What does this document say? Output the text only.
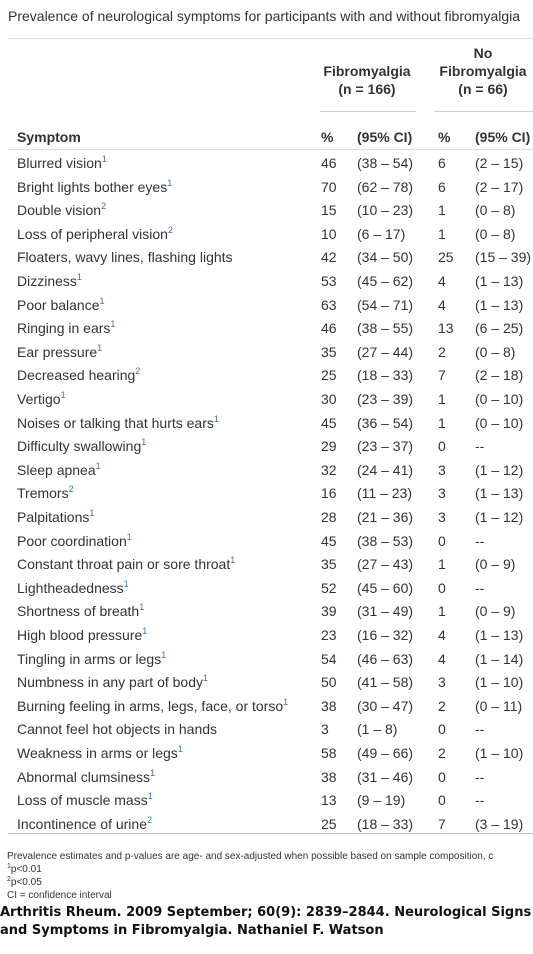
Prevalence of neurological symptoms for participants with and without fibromyalgia
Fibromyalgia
(n = 166)
No
Fibromyalgia
(n = 66)
Symptom	% (95% CI) % (95% CI)
Blurred vision$^1$	46 (38 – 54) 6 (2 – 15)
Bright lights bother eyes$^1$	70 (62 – 78) 6 (2 – 17)
Double vision$^2$	15 (10 – 23) 1 (0 – 8)
Loss of peripheral vision$^2$	10 (6 – 17) 1 (0 – 8)
Floaters, wavy lines, flashing lights	42 (34 – 50) 25 (15 – 39)
Dizziness$^1$	53 (45 – 62) 4 (1 – 13)
Poor balance$^1$	63 (54 – 71) 4 (1 – 13)
Ringing in ears$^1$	46 (38 – 55) 13 (6 – 25)
Ear pressure$^1$	35 (27 – 44) 2 (0 – 8)
Decreased hearing$^2$	25 (18 – 33) 7 (2 – 18)
Vertigo$^1$	30 (23 – 39) 1 (0 – 10)
Noises or talking that hurts ears$^1$	45 (36 – 54) 1 (0 – 10)
Difficulty swallowing$^1$	29 (23 – 37) 0 --
Sleep apnea$^1$	32 (24 – 41) 3 (1 – 12)
Tremors$^2$	16 (11 – 23) 3 (1 – 13)
Palpitations$^1$	28 (21 – 36) 3 (1 – 12)
Poor coordination$^1$	45 (38 – 53) 0 --
Constant throat pain or sore throat$^1$	35 (27 – 43) 1 (0 – 9)
Lightheadedness$^1$	52 (45 – 60) 0 --
Shortness of breath$^1$	39 (31 – 49) 1 (0 – 9)
High blood pressure$^1$	23 (16 – 32) 4 (1 – 13)
Tingling in arms or legs$^1$	54 (46 – 63) 4 (1 – 14)
Numbness in any part of body$^1$	50 (41 – 58) 3 (1 – 10)
Burning feeling in arms, legs, face, or torso$^1$ 38 (30 – 47) 2 (0 – 11)
Cannot feel hot objects in hands	3 (1 – 8)	0 --
Weakness in arms or legs$^1$	58 (49 – 66) 2 (1 – 10)
Abnormal clumsiness$^1$	38 (31 – 46) 0 --
Loss of muscle mass$^1$	13 (9 – 19) 0 --
Incontinence of urine$^2$	25 (18 – 33) 7 (3 – 19)
Prevalence estimates and p-values are age- and sex-adjusted when possible based on sample composition, c
$^1$p<0.01
$^2$p<0.05
CI = confidence interval
Arthritis Rheum. 2009 September; 60(9): 2839–2844. Neurological Signs and Symptoms in Fibromyalgia. Nathaniel F. Watson
